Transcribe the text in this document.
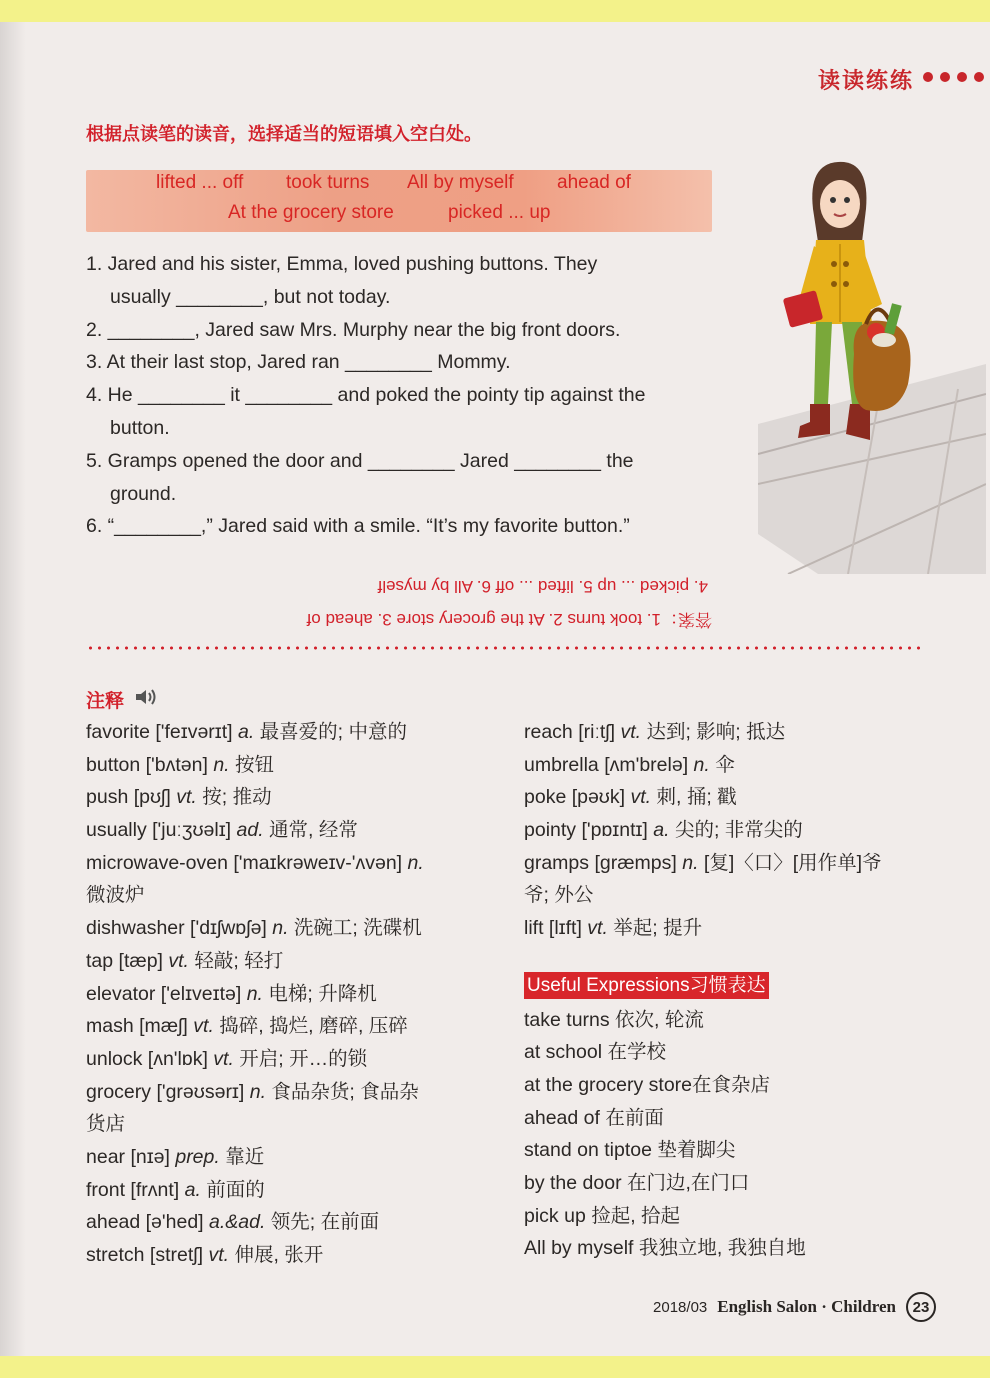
读读练练
根据点读笔的读音，选择适当的短语填入空白处。
lifted ... off took turns All by myself ahead of
At the grocery store	picked ... up
1. Jared and his sister, Emma, loved pushing buttons. They
usually ________, but not today.
2. ________, Jared saw Mrs. Murphy near the big front doors.
3. At their last stop, Jared ran ________ Mommy.
4. He ________ it ________ and poked the pointy tip against the
button.
5. Gramps opened the door and ________ Jared ________ the
ground.
6. “________,” Jared said with a smile. “It’s my favorite button.”
答案：1. took turns 2. At the grocery store 3. ahead of
4. picked ... up 5. lifted ... off 6. All by myself
注释
favorite ['feɪvərɪt] a. 最喜爱的; 中意的
button ['bʌtən] n. 按钮
push [pʊʃ] vt. 按; 推动
usually ['juːʒʊəlɪ] ad. 通常, 经常
microwave-oven ['maɪkrəweɪv-'ʌvən] n.
微波炉
dishwasher ['dɪʃwɒʃə] n. 洗碗工; 洗碟机
tap [tæp] vt. 轻敲; 轻打
elevator ['elɪveɪtə] n. 电梯; 升降机
mash [mæʃ] vt. 捣碎, 捣烂, 磨碎, 压碎
unlock [ʌn'lɒk] vt. 开启; 开…的锁
grocery ['grəʊsərɪ] n. 食品杂货; 食品杂
货店
near [nɪə] prep. 靠近
front [frʌnt] a. 前面的
ahead [ə'hed] a.&ad. 领先; 在前面
stretch [stretʃ] vt. 伸展, 张开
reach [riːtʃ] vt. 达到; 影响; 抵达
umbrella [ʌm'brelə] n. 伞
poke [pəʊk] vt. 刺, 捅; 戳
pointy ['pɒɪntɪ] a. 尖的; 非常尖的
gramps [græmps] n. [复]〈口〉[用作单]爷
爷; 外公
lift [lɪft] vt. 举起; 提升
Useful Expressions习惯表达
take turns 依次, 轮流
at school 在学校
at the grocery store在食杂店
ahead of 在前面
stand on tiptoe 垫着脚尖
by the door 在门边,在门口
pick up 捡起, 拾起
All by myself 我独立地, 我独自地
2018/03 English Salon · Children	23
